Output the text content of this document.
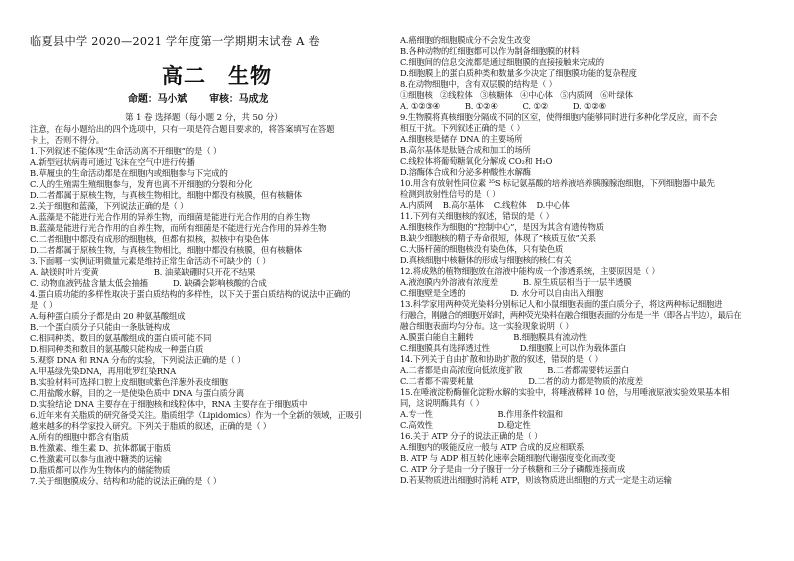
临夏县中学 2020—2021 学年度第一学期期末试卷 A 卷
高二 生物
命题：马小斌 审核：马成龙
第 1 卷 选择题（每小题 2 分，共 50 分）
注意，在每小题给出的四个选项中，只有一项是符合题目要求的，将答案填写在答题
卡上，否则不得分。
1.下列叙述不能体现“生命活动离不开细胞”的是（ ）
A.新型冠状病毒可通过飞沫在空气中进行传播
B.草履虫的生命活动都是在细胞内或细胞参与下完成的
C.人的生殖需生殖细胞参与，发育也离不开细胞的分裂和分化
D.二者都属于原核生物，与真核生物相比，细胞中都没有核膜，但有核糖体
2.关于细胞和蓝藻，下列说法正确的是（ ）
A.蓝藻是不能进行光合作用的异养生物，而细菌是能进行光合作用的自养生物
B.蓝藻是能进行光合作用的自养生物，而所有细菌是不能进行光合作用的异养生物
C.二者细胞中都没有成形的细胞核，但都有拟核，拟核中有染色体
D.二者都属于原核生物，与真核生物相比，细胞中都没有核膜，但有核糖体
3.下面哪一实例证明微量元素是维持正常生命活动不可缺少的（ ）
A. 缺镁时叶片变黄                      B. 油菜缺硼时只开花不结果
C. 动物血液钙盐含量太低会抽搐          D. 缺磷会影响核酸的合成
4.蛋白质功能的多样性取决于蛋白质结构的多样性，以下关于蛋白质结构的说法中正确的
是（ ）
A.每种蛋白质分子都是由 20 种氨基酸组成
B.一个蛋白质分子只能由一条肽链构成
C.相同种类、数目的氨基酸组成的蛋白质可能不同
D.相同种类和数目的氨基酸只能构成一种蛋白质
5.观察 DNA 和 RNA 分布的实验，下列说法正确的是（ ）
A.甲基绿先染DNA，再用吡罗红染RNA
B.实验材料可选择口腔上皮细胞或紫色洋葱外表皮细胞
C.用盐酸水解，目的之一是使染色质中 DNA 与蛋白质分离
D.实验结论 DNA 主要存在于细胞核和线粒体中，RNA 主要存在于细胞质中
6.近年来有关脂质的研究备受关注。脂质组学（Lipidomics）作为一个全新的领域，正吸引
越来越多的科学家投入研究。下列关于脂质的叙述，正确的是（ ）
A.所有的细胞中都含有脂质
B.性激素、维生素 D、抗体都属于脂质
C.性激素可以参与血液中糖类的运输
D.脂质都可以作为生物体内的储能物质
7.关于细胞膜成分、结构和功能的说法正确的是（ ）
A.癌细胞的细胞膜成分不会发生改变
B.各种动物的红细胞都可以作为制备细胞膜的材料
C.细胞间的信息交流都是通过细胞膜的直接接触来完成的
D.细胞膜上的蛋白质种类和数量多少决定了细胞膜功能的复杂程度
8.在动物细胞中，含有双层膜的结构是（ ）
①细胞核   ②线粒体   ③核糖体   ④中心体   ⑤内质网   ⑥叶绿体
A. ①②③④          B. ①②④          C. ①②          D. ①②⑥
9.生物膜将真核细胞分隔成不同的区室，使得细胞内能够同时进行多种化学反应，而不会
相互干扰。下列叙述正确的是（ ）
A.细胞核是储存 DNA 的主要场所
B.高尔基体是肽链合成和加工的场所
C.线粒体将葡萄糖氧化分解成 CO₂和 H₂O
D.溶酶体合成和分泌多种酸性水解酶
10.用含有放射性同位素 ³⁵S 标记氨基酸的培养液培养胰腺腺泡细胞，下列细胞器中最先
检测到放射性信号的是（ ）
A.内质网    B.高尔基体    C.线粒体    D.中心体
11.下列有关细胞核的叙述，错误的是（ ）
A.细胞核作为细胞的“控制中心”，是因为其含有遗传物质
B.缺少细胞核的精子寿命很短，体现了“核质互依”关系
C.大肠杆菌的细胞核没有染色体，只有染色质
D.真核细胞中核糖体的形成与细胞核的核仁有关
12.将成熟的植物细胞放在溶液中能构成一个渗透系统，主要原因是（ ）
A.液泡膜内外溶液有浓度差          B. 原生质层相当于一层半透膜
C.细胞壁是全透的                  D. 水分可以自由出入细胞
13.科学家用两种荧光染料分别标记人和小鼠细胞表面的蛋白质分子，将这两种标记细胞进
行融合，刚融合的细胞开始时，两种荧光染料在融合细胞表面的分布是一半（即各占半边），最后在
融合细胞表面均匀分布。这一实验现象说明（ ）
A.膜蛋白能自主翻转                B.细胞膜具有流动性
C.细胞膜具有选择透过性            D.细胞膜上可以作为载体蛋白
14.下列关于自由扩散和协助扩散的叙述，错误的是（ ）
A.二者都是由高浓度向低浓度扩散          B.二者都需要转运蛋白
C.二者都不需要耗量                      D.二者的动力都是物质的浓度差
15.在唾液淀粉酶催化淀粉水解的实验中，将唾液稀释 10 倍，与用唾液原液实验效果基本相
同，这说明酶具有（ ）
A.专一性                          B.作用条件较温和
C.高效性                          D.稳定性
16.关于 ATP 分子的说法正确的是（ ）
A.细胞内的吸能反应一般与 ATP 合成的反应相联系
B. ATP 与 ADP 相互转化速率会随细胞代谢强度变化而改变
C. ATP 分子是由一分子腺苷一分子核糖和三分子磷酸连接而成
D.若某物质进出细胞时消耗 ATP，则该物质进出细胞的方式一定是主动运输
